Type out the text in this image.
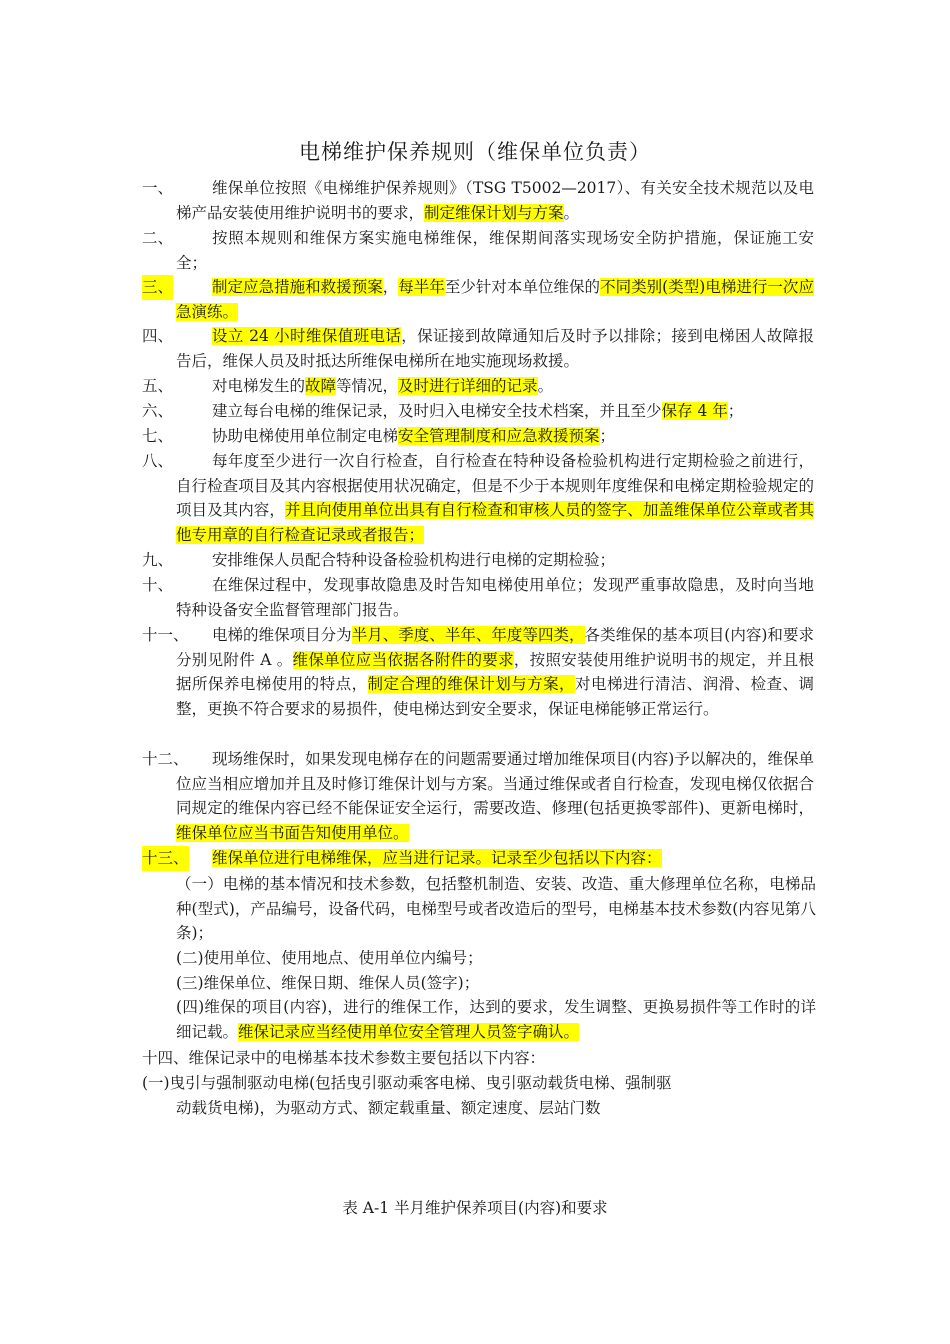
电梯维护保养规则（维保单位负责）
一、	维保单位按照《电梯维护保养规则》（TSG T5002—2017）、有关安全技术规范以及电梯产品安装使用维护说明书的要求，制定维保计划与方案。
二、	按照本规则和维保方案实施电梯维保，维保期间落实现场安全防护措施，保证施工安全；
三、	制定应急措施和救援预案，每半年至少针对本单位维保的不同类别(类型)电梯进行一次应急演练。
四、	设立 24 小时维保值班电话，保证接到故障通知后及时予以排除；接到电梯困人故障报告后，维保人员及时抵达所维保电梯所在地实施现场救援。
五、	对电梯发生的故障等情况，及时进行详细的记录。
六、	建立每台电梯的维保记录，及时归入电梯安全技术档案，并且至少保存 4 年；
七、	协助电梯使用单位制定电梯安全管理制度和应急救援预案；
八、	每年度至少进行一次自行检查，自行检查在特种设备检验机构进行定期检验之前进行，自行检查项目及其内容根据使用状况确定，但是不少于本规则年度维保和电梯定期检验规定的项目及其内容，并且向使用单位出具有自行检查和审核人员的签字、加盖维保单位公章或者其他专用章的自行检查记录或者报告；
九、	安排维保人员配合特种设备检验机构进行电梯的定期检验；
十、	在维保过程中，发现事故隐患及时告知电梯使用单位；发现严重事故隐患，及时向当地特种设备安全监督管理部门报告。
十一、	电梯的维保项目分为半月、季度、半年、年度等四类，各类维保的基本项目(内容)和要求分别见附件 A 。维保单位应当依据各附件的要求，按照安装使用维护说明书的规定，并且根据所保养电梯使用的特点，制定合理的维保计划与方案，对电梯进行清洁、润滑、检查、调整，更换不符合要求的易损件，使电梯达到安全要求，保证电梯能够正常运行。
十二、	现场维保时，如果发现电梯存在的问题需要通过增加维保项目(内容)予以解决的，维保单位应当相应增加并且及时修订维保计划与方案。当通过维保或者自行检查，发现电梯仅依据合同规定的维保内容已经不能保证安全运行，需要改造、修理(包括更换零部件)、更新电梯时，维保单位应当书面告知使用单位。
十三、	维保单位进行电梯维保，应当进行记录。记录至少包括以下内容：
（一）电梯的基本情况和技术参数，包括整机制造、安装、改造、重大修理单位名称，电梯品种(型式)，产品编号，设备代码，电梯型号或者改造后的型号，电梯基本技术参数(内容见第八条)；
(二)使用单位、使用地点、使用单位内编号；
(三)维保单位、维保日期、维保人员(签字)；
(四)维保的项目(内容)，进行的维保工作，达到的要求，发生调整、更换易损件等工作时的详细记载。维保记录应当经使用单位安全管理人员签字确认。
十四、维保记录中的电梯基本技术参数主要包括以下内容：
(一)曳引与强制驱动电梯(包括曳引驱动乘客电梯、曳引驱动载货电梯、强制驱
动载货电梯)，为驱动方式、额定载重量、额定速度、层站门数
表 A-1 半月维护保养项目(内容)和要求
